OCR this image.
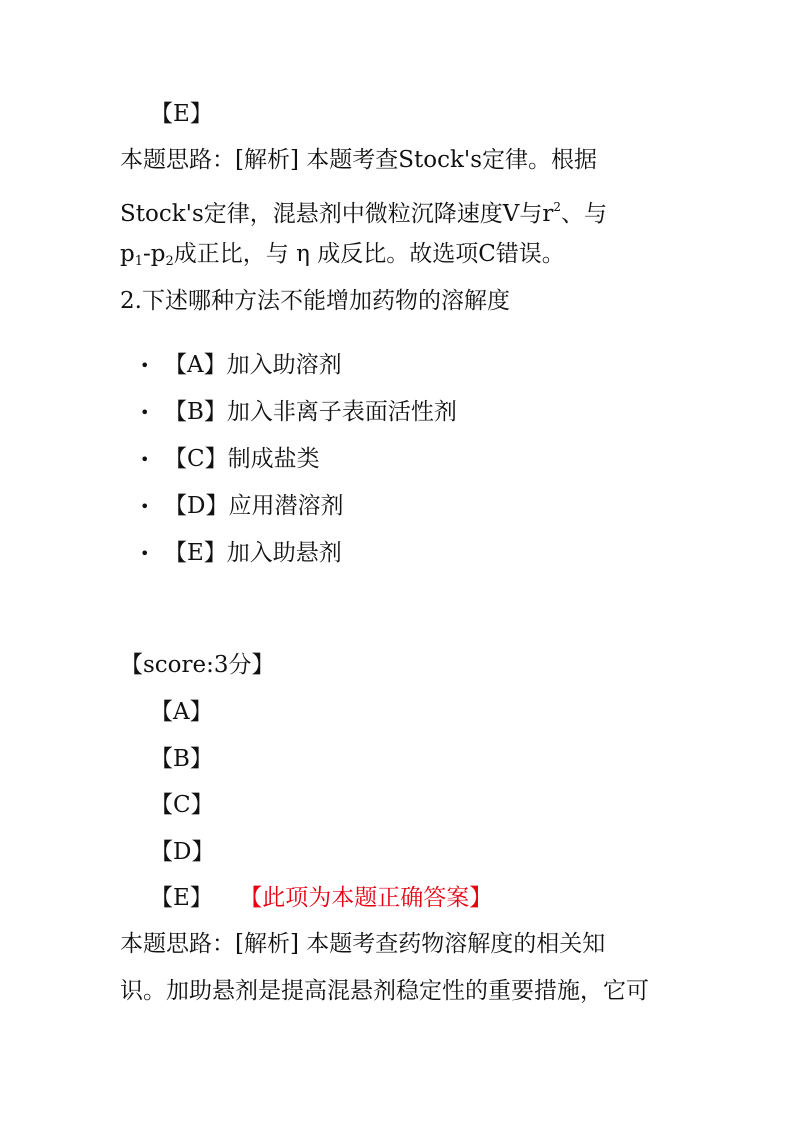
【E】
本题思路：[解析] 本题考查Stock's定律。根据
Stock's定律，混悬剂中微粒沉降速度V与$r^2$、与
$p_1-p_2$成正比，与 η 成反比。故选项C错误。
2.下述哪种方法不能增加药物的溶解度
• 【A】加入助溶剂
• 【B】加入非离子表面活性剂
• 【C】制成盐类
• 【D】应用潜溶剂
• 【E】加入助悬剂
【score:3分】
【A】
【B】
【C】
【D】
【E】 【此项为本题正确答案】
本题思路：[解析] 本题考查药物溶解度的相关知
识。加助悬剂是提高混悬剂稳定性的重要措施，它可
